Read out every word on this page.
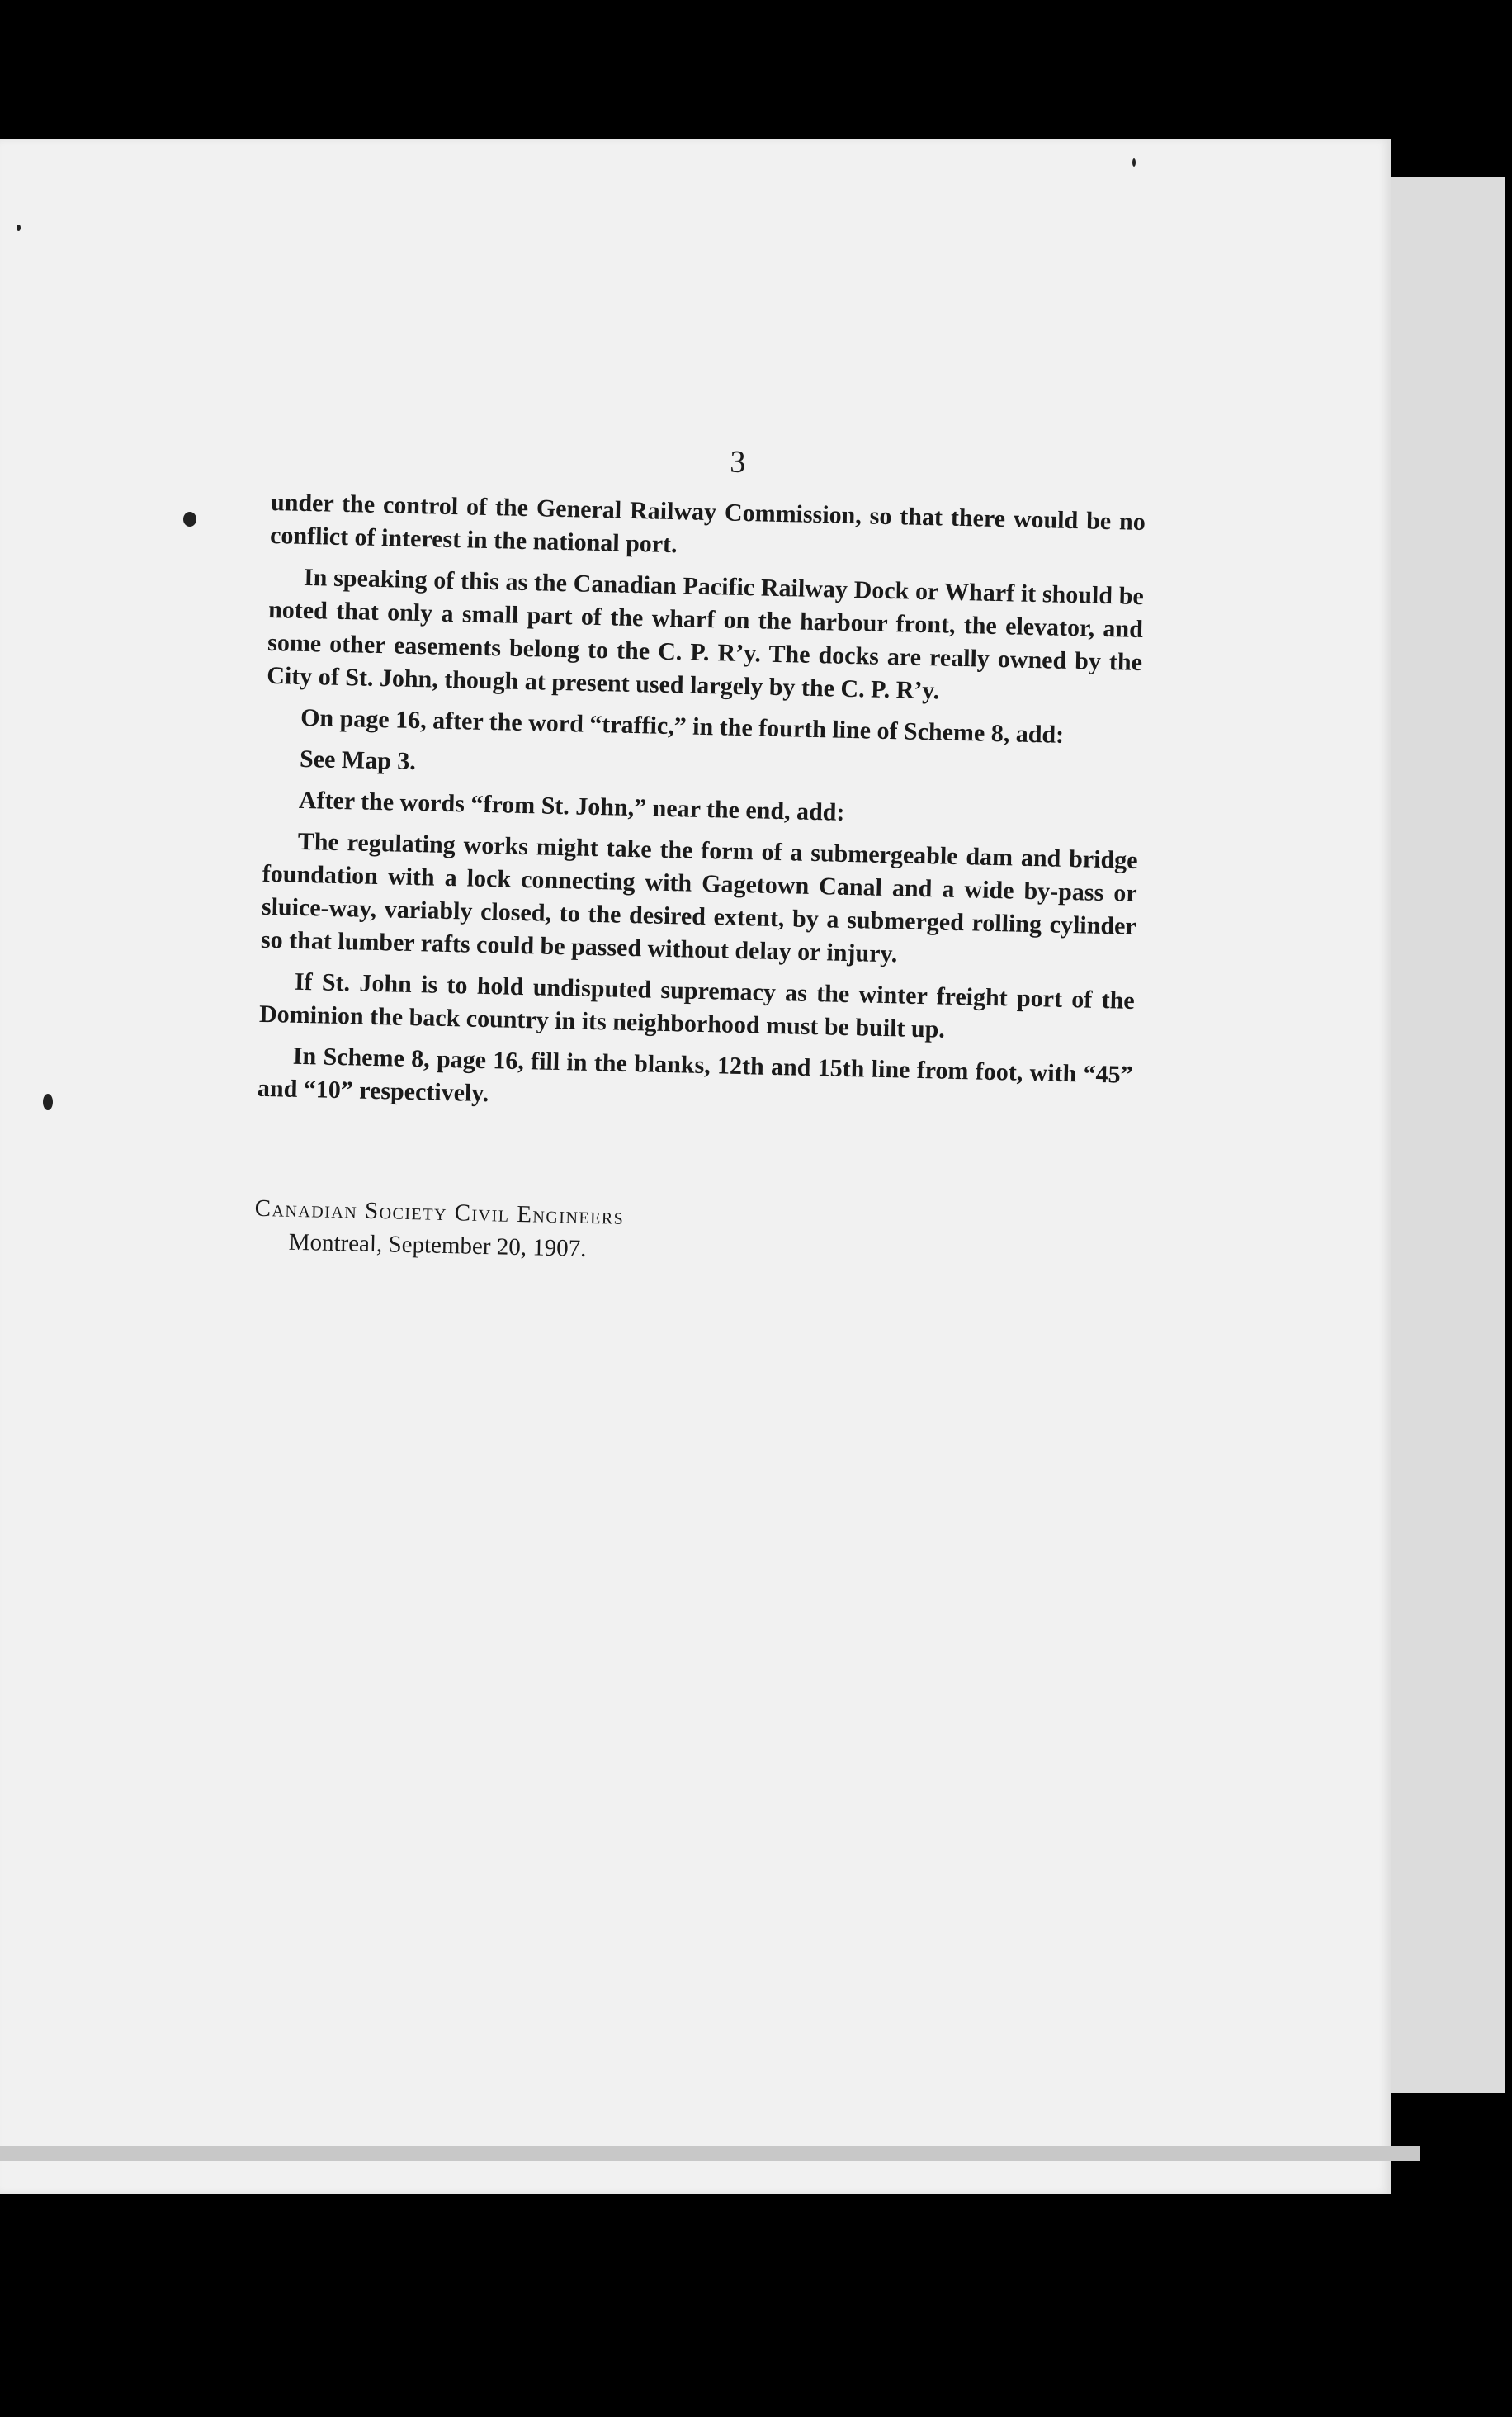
3

under the control of the General Railway Commission, so that there would be no conflict of interest in the national port.

In speaking of this as the Canadian Pacific Railway Dock or Wharf it should be noted that only a small part of the wharf on the harbour front, the elevator, and some other easements belong to the C. P. R’y. The docks are really owned by the City of St. John, though at present used largely by the C. P. R’y.

On page 16, after the word “traffic,” in the fourth line of Scheme 8, add:

See Map 3.

After the words “from St. John,” near the end, add:

The regulating works might take the form of a submergeable dam and bridge foundation with a lock connecting with Gagetown Canal and a wide by-pass or sluice-way, variably closed, to the desired extent, by a submerged rolling cylinder so that lumber rafts could be passed without delay or injury.

If St. John is to hold undisputed supremacy as the winter freight port of the Dominion the back country in its neighborhood must be built up.

In Scheme 8, page 16, fill in the blanks, 12th and 15th line from foot, with “45” and “10” respectively.

Canadian Society Civil Engineers
Montreal, September 20, 1907.
